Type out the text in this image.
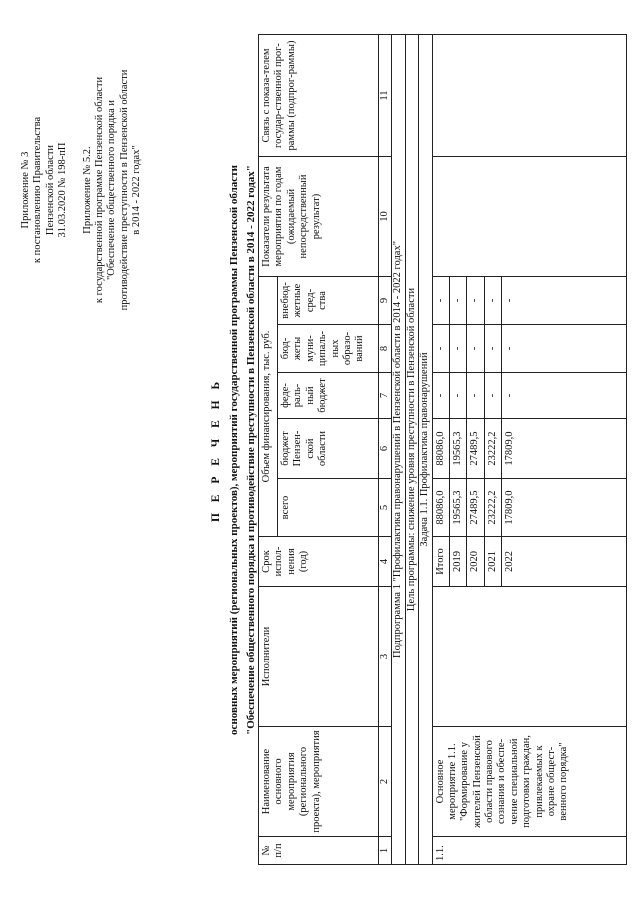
Приложение № 3 к постановлению Правительства Пензенской области 31.03.2020 № 198-пП Приложение № 5.2. к государственной программе Пензенской области "Обеспечение общественного порядка и противодействие преступности в Пензенской области в 2014 - 2022 годах"
П Е Р Е Ч Е Н Ь основных мероприятий (региональных проектов), мероприятий государственной программы Пензенской области "Обеспечение общественного порядка и противодействие преступности в Пензенской области в 2014 - 2022 годах"
№ п/п	Наименование основного мероприятия (регионального проекта), мероприятия	Исполнители	Срок испол-нения (год)	Объем финансирования, тыс. руб.					Показатели результата мероприятия по годам (ожидаемый непосредственный результат)	Связь с показа-телем государ-ственной прог-раммы (подпрог-раммы)
				всего	бюджет Пензен-ской области	феде-раль-ный бюджет	бюд-жеты муни-ципаль-ных образо-ваний	внебюд-жетные сред-ства		
1	2	3	4	5	6	7	8	9	10	11
Подпрограмма 1 "Профилактика правонарушений в Пензенской области в 2014 - 2022 годах"										
Цель программы: снижение уровня преступности в Пензенской области										
Задача 1.1. Профилактика правонарушений										
1.1.	Основное мероприятие 1.1. "Формирование у жителей Пензенской области правового сознания и обеспе-чение специальной подготовки граждан, привлекаемых к охране общест-венного порядка"		Итого	88086,0	88086,0	-	-	-		
			2019	19565,3	19565,3	-	-	-		
			2020	27489,5	27489,5	-	-	-		
			2021	23222,2	23222,2	-	-	-		
			2022	17809,0	17809,0	-	-	-		
